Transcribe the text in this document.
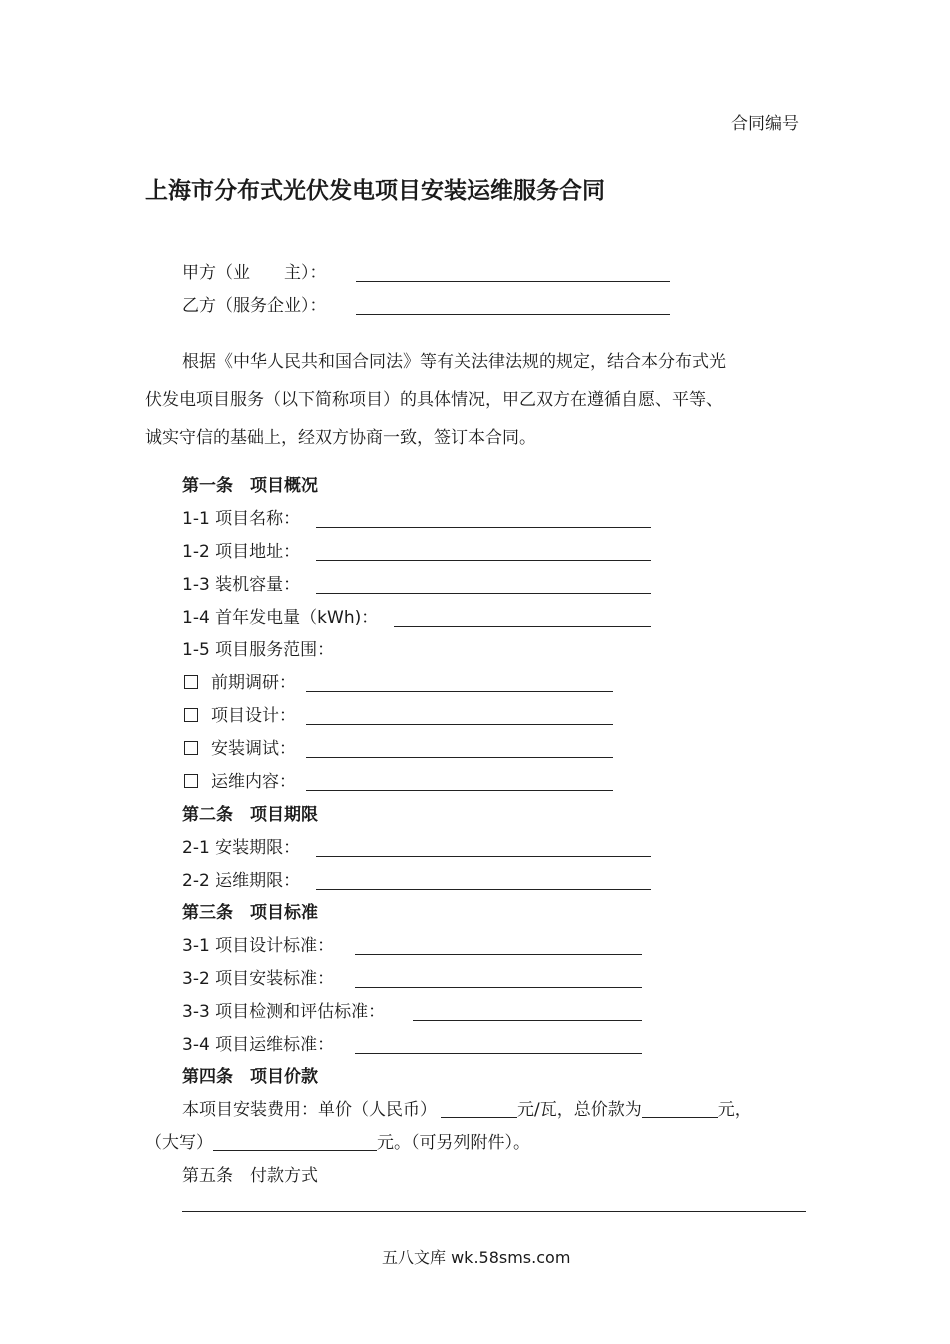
合同编号
上海市分布式光伏发电项目安装运维服务合同
甲方（业　　主）：
乙方（服务企业）：
根据《中华人民共和国合同法》等有关法律法规的规定，结合本分布式光
伏发电项目服务（以下简称项目）的具体情况，甲乙双方在遵循自愿、平等、
诚实守信的基础上，经双方协商一致，签订本合同。
第一条　项目概况
1-1 项目名称：
1-2 项目地址：
1-3 装机容量：
1-4 首年发电量（kWh)：
1-5 项目服务范围：
前期调研：
项目设计：
安装调试：
运维内容：
第二条　项目期限
2-1 安装期限：
2-2 运维期限：
第三条　项目标准
3-1 项目设计标准：
3-2 项目安装标准：
3-3 项目检测和评估标准：
3-4 项目运维标准：
第四条　项目价款
本项目安装费用：单价（人民币）	元/瓦，总价款为	元，
（大写）	元。（可另列附件）。
第五条　付款方式
五八文库 wk.58sms.com
